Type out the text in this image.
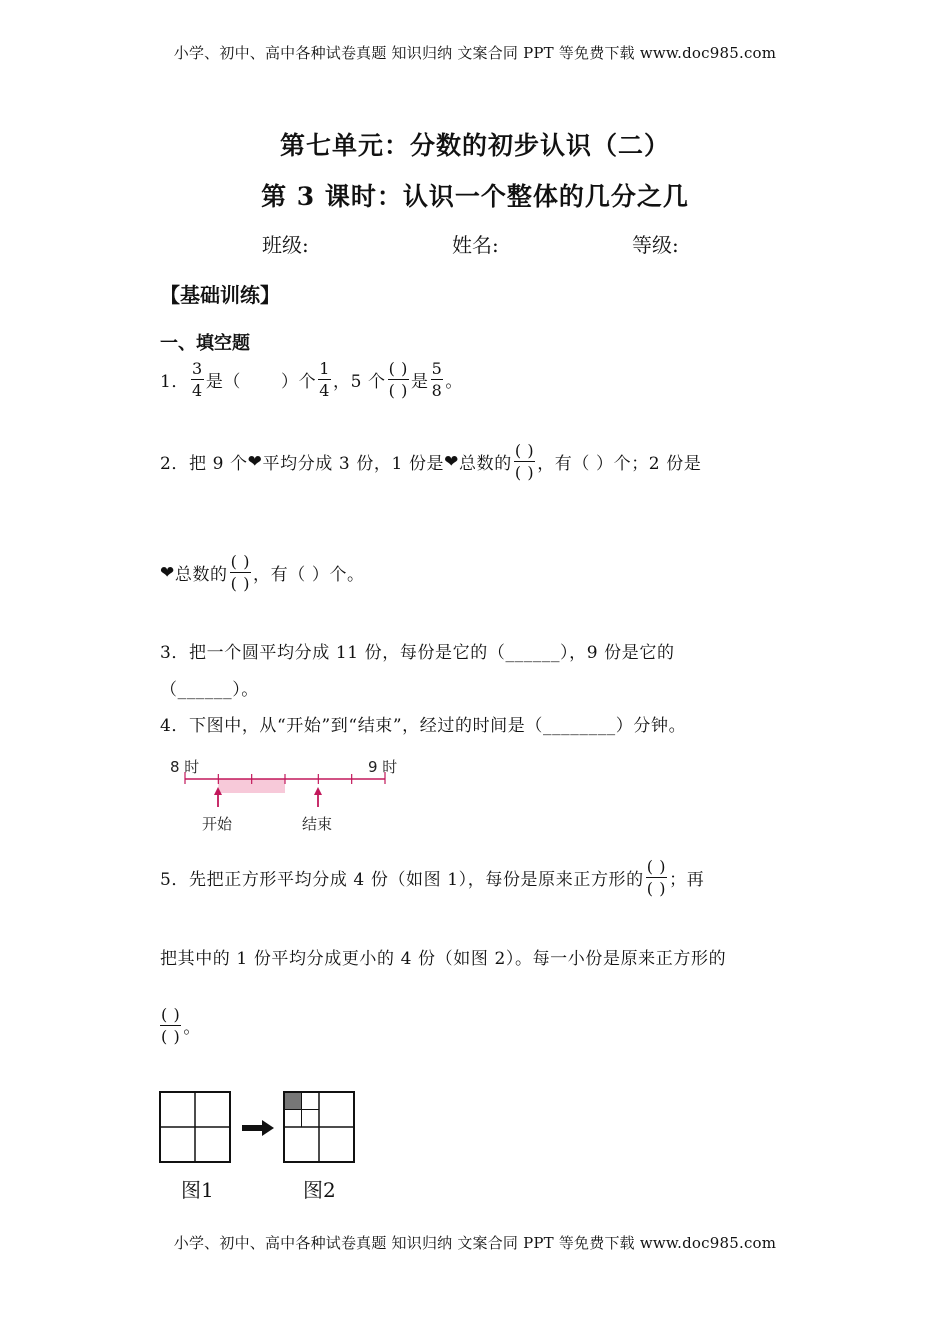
小学、初中、高中各种试卷真题 知识归纳 文案合同 PPT 等免费下载 www.doc985.com
第七单元：分数的初步认识（二）
第 3 课时：认识一个整体的几分之几
班级:	姓名:	等级:
【基础训练】
一、填空题
1． $\frac{3}{4}$ 是（ ）个 $\frac{1}{4}$ ，5 个 $\frac{( )}{( )}$ 是 $\frac{5}{8}$ 。
2．把 9 个 ❤ 平均分成 3 份，1 份是 ❤ 总数的 $\frac{( )}{( )}$ ，有（ ）个；2 份是
❤ 总数的 $\frac{( )}{( )}$ ，有（ ）个。
3．把一个圆平均分成 11 份，每份是它的（______），9 份是它的
（______）。
4．下图中，从“开始”到“结束”，经过的时间是（________）分钟。
8 时	9 时
开始	结束
5．先把正方形平均分成 4 份（如图 1），每份是原来正方形的 $\frac{( )}{( )}$ ；再
把其中的 1 份平均分成更小的 4 份（如图 2）。每一小份是原来正方形的
$\frac{( )}{( )}$ 。
图1	图2
小学、初中、高中各种试卷真题 知识归纳 文案合同 PPT 等免费下载 www.doc985.com
